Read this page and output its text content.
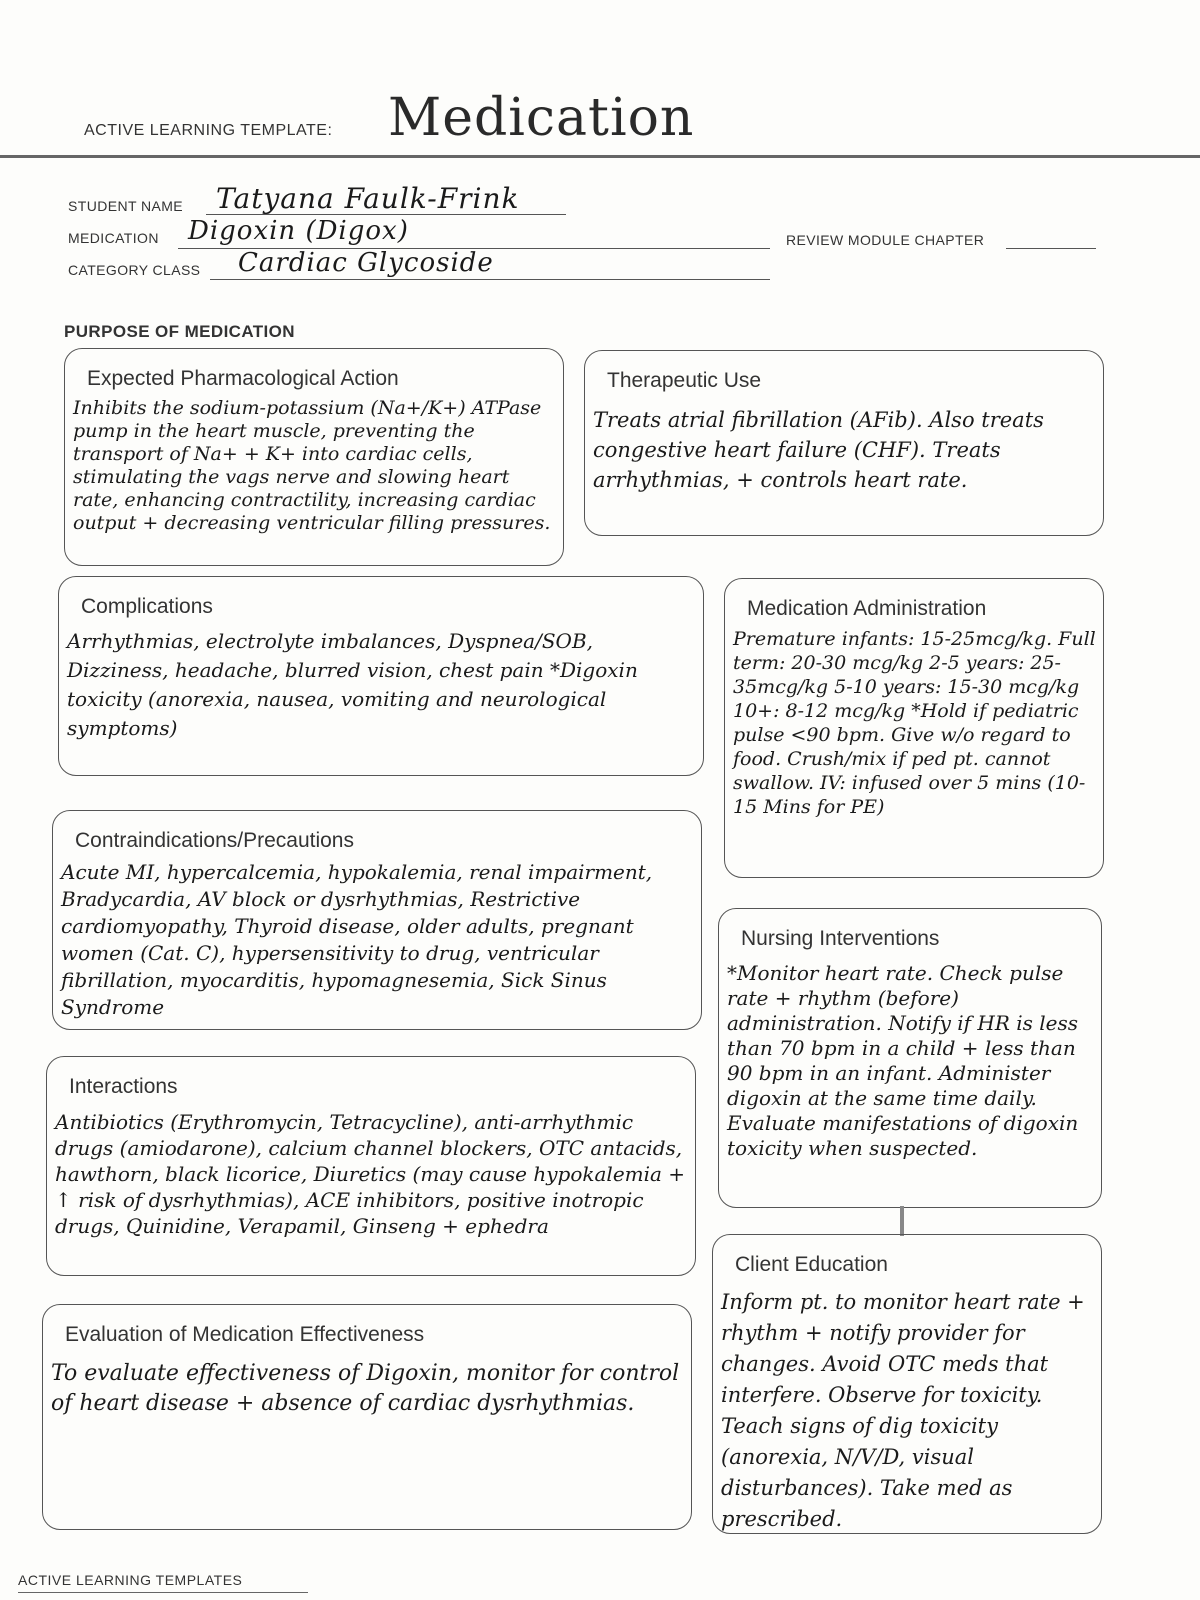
ACTIVE LEARNING TEMPLATE: Medication
STUDENT NAME Tatyana Faulk-Frink
MEDICATION Digoxin (Digox)	REVIEW MODULE CHAPTER
CATEGORY CLASS Cardiac Glycoside
PURPOSE OF MEDICATION
Expected Pharmacological Action
Inhibits the sodium-potassium (Na+/K+) ATPase pump in the heart muscle, preventing the transport of Na+ + K+ into cardiac cells, stimulating the vags nerve and slowing heart rate, enhancing contractility, increasing cardiac output + decreasing ventricular filling pressures.
Therapeutic Use
Treats atrial fibrillation (AFib). Also treats congestive heart failure (CHF). Treats arrhythmias, + controls heart rate.
Complications
Arrhythmias, electrolyte imbalances, Dyspnea/SOB, Dizziness, headache, blurred vision, chest pain *Digoxin toxicity (anorexia, nausea, vomiting and neurological symptoms)
Medication Administration
Premature infants: 15-25mcg/kg. Full term: 20-30 mcg/kg 2-5 years: 25-35mcg/kg 5-10 years: 15-30 mcg/kg 10+: 8-12 mcg/kg *Hold if pediatric pulse <90 bpm. Give w/o regard to food. Crush/mix if ped pt. cannot swallow. IV: infused over 5 mins (10-15 Mins for PE)
Contraindications/Precautions
Acute MI, hypercalcemia, hypokalemia, renal impairment, Bradycardia, AV block or dysrhythmias, Restrictive cardiomyopathy, Thyroid disease, older adults, pregnant women (Cat. C), hypersensitivity to drug, ventricular fibrillation, myocarditis, hypomagnesemia, Sick Sinus Syndrome
Nursing Interventions
*Monitor heart rate. Check pulse rate + rhythm (before) administration. Notify if HR is less than 70 bpm in a child + less than 90 bpm in an infant. Administer digoxin at the same time daily. Evaluate manifestations of digoxin toxicity when suspected.
Interactions
Antibiotics (Erythromycin, Tetracycline), anti-arrhythmic drugs (amiodarone), calcium channel blockers, OTC antacids, hawthorn, black licorice, Diuretics (may cause hypokalemia + ↑ risk of dysrhythmias), ACE inhibitors, positive inotropic drugs, Quinidine, Verapamil, Ginseng + ephedra
Client Education
Inform pt. to monitor heart rate + rhythm + notify provider for changes. Avoid OTC meds that interfere. Observe for toxicity. Teach signs of dig toxicity (anorexia, N/V/D, visual disturbances). Take med as prescribed.
Evaluation of Medication Effectiveness
To evaluate effectiveness of Digoxin, monitor for control of heart disease + absence of cardiac dysrhythmias.
ACTIVE LEARNING TEMPLATES
